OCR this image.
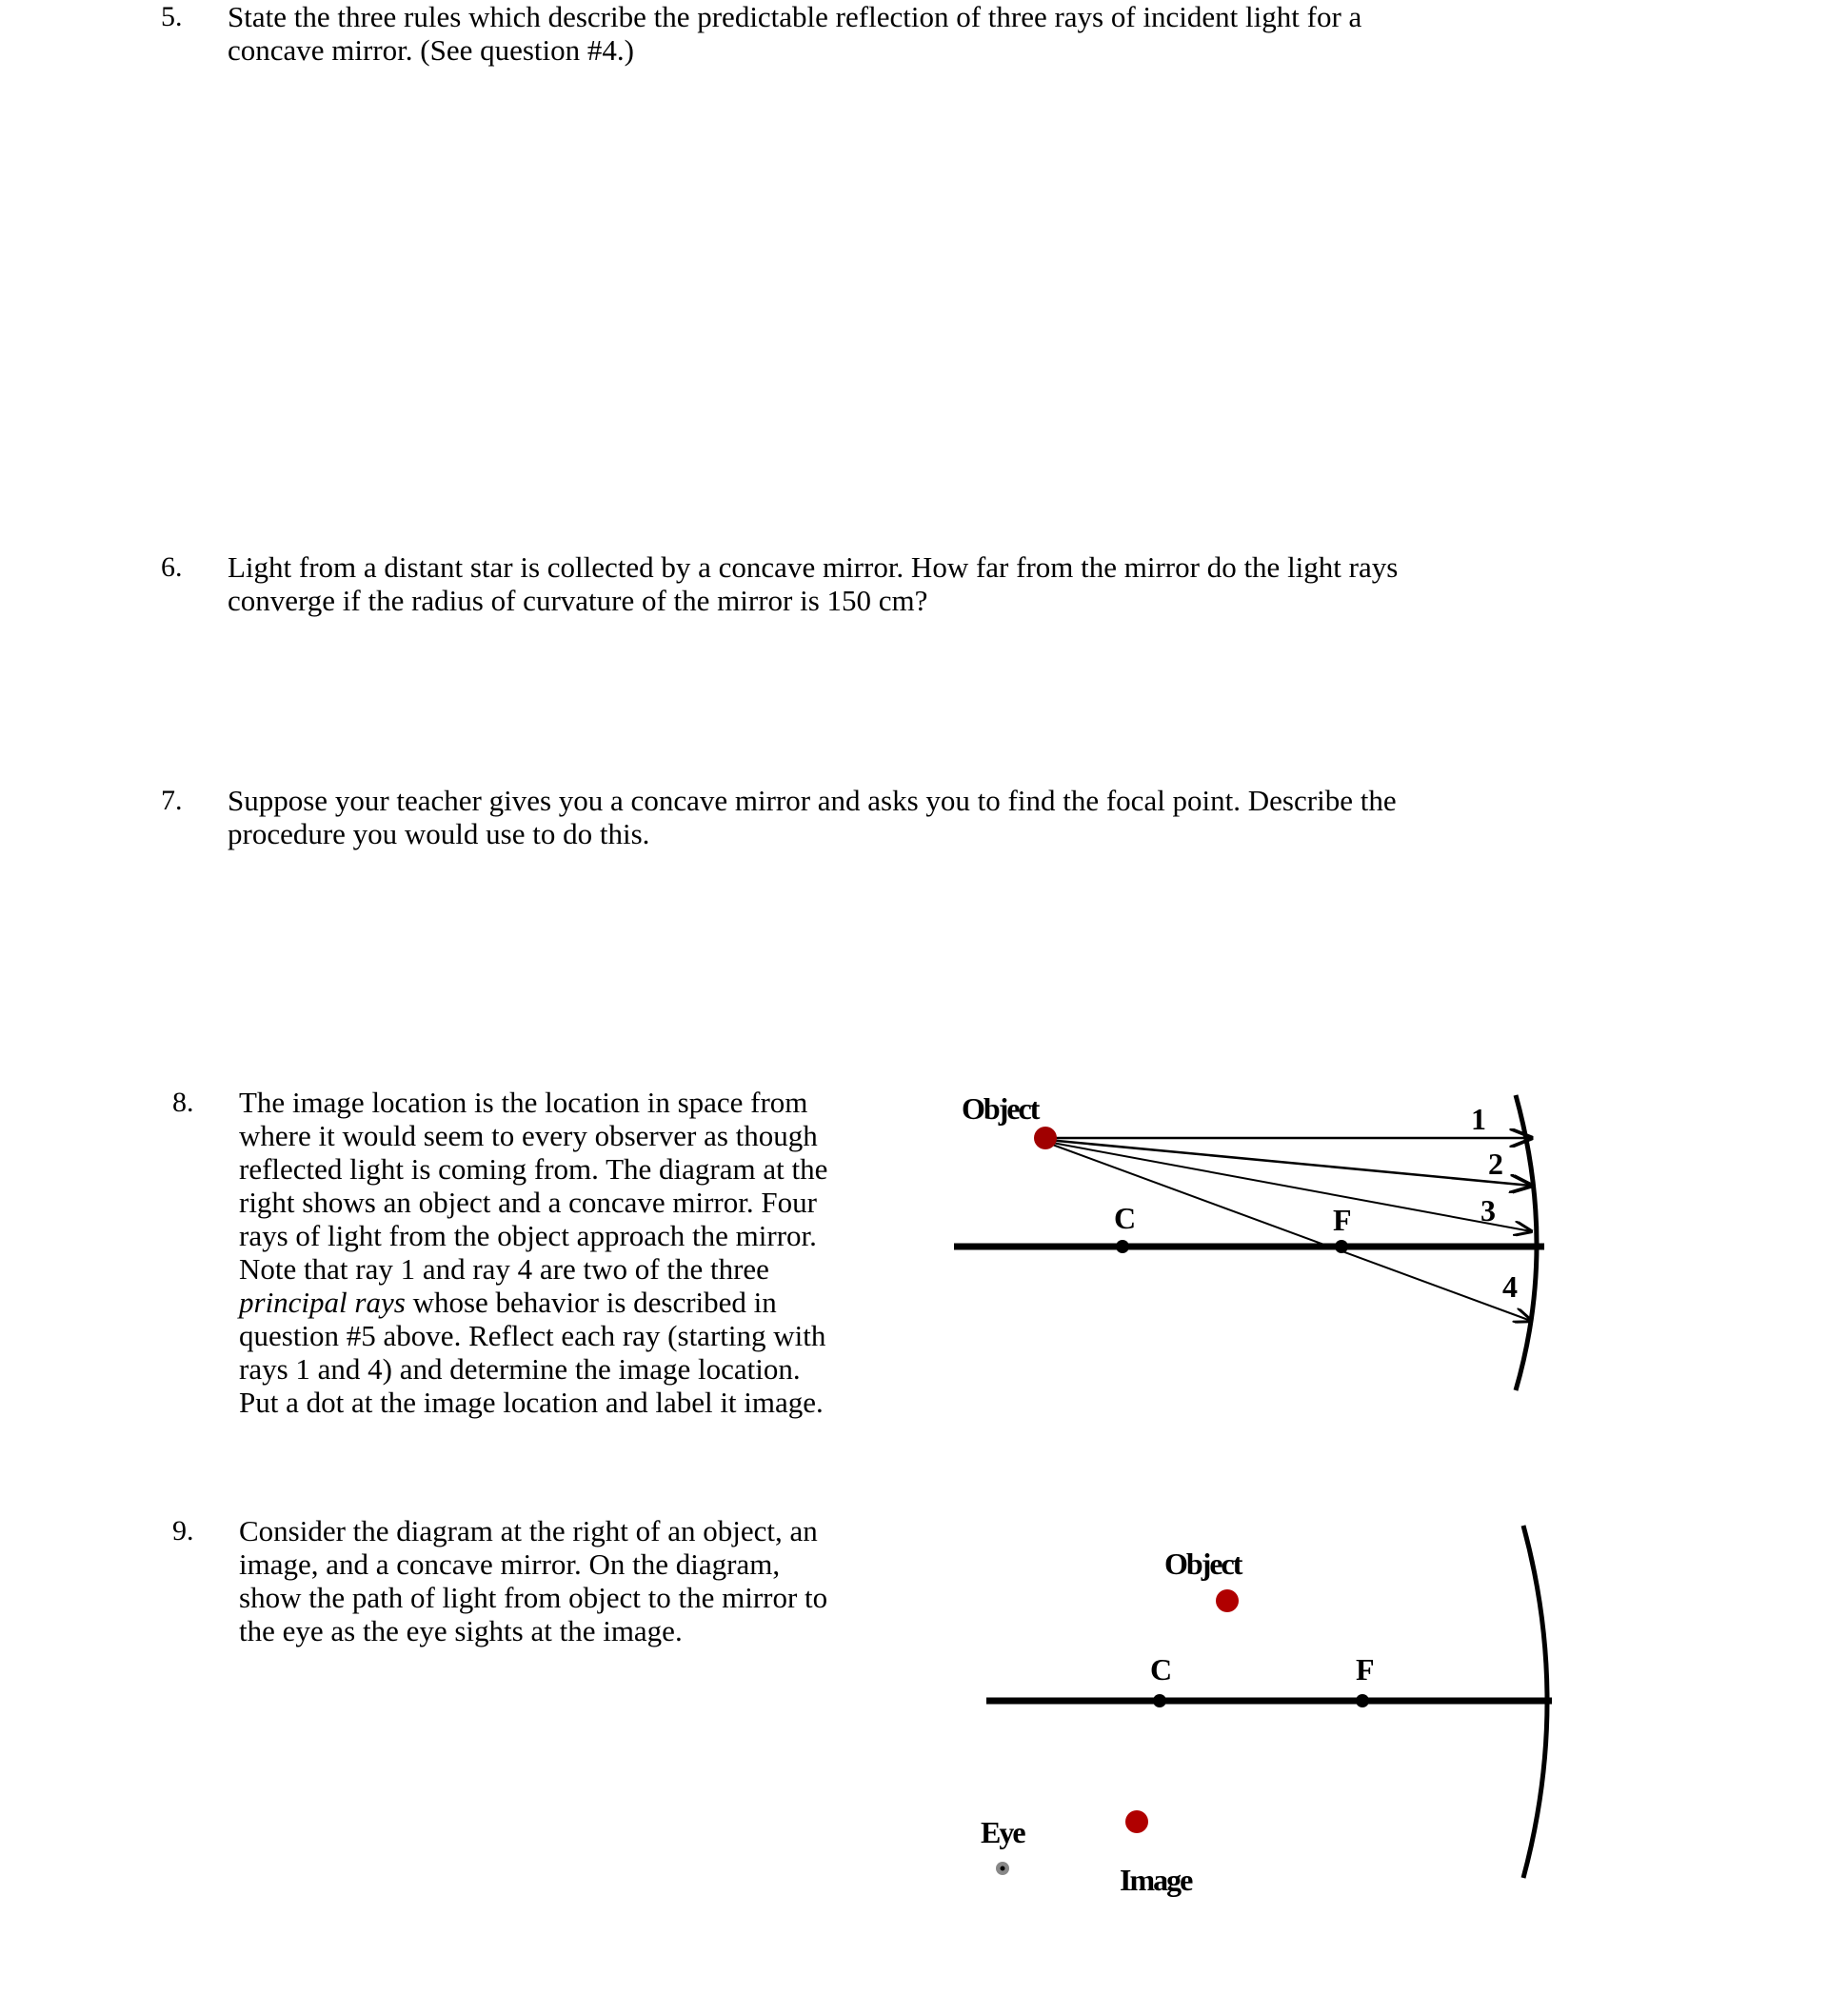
5. State the three rules which describe the predictable reflection of three rays of incident light for a

concave mirror. (See question #4.)

6. Light from a distant star is collected by a concave mirror. How far from the mirror do the light rays

converge if the radius of curvature of the mirror is 150 cm?

7. Suppose your teacher gives you a concave mirror and asks you to find the focal point. Describe the

procedure you would use to do this.

8. The image location is the location in space from

where it would seem to every observer as though

reflected light is coming from. The diagram at the

right shows an object and a concave mirror. Four

rays of light from the object approach the mirror.

Note that ray 1 and ray 4 are two of the three

principal rays whose behavior is described in

question #5 above. Reflect each ray (starting with

rays 1 and 4) and determine the image location.

Put a dot at the image location and label it image.

9. Consider the diagram at the right of an object, an

image, and a concave mirror. On the diagram,

show the path of light from object to the mirror to

the eye as the eye sights at the image.

Object
C	F
1
2
3
4
Object
C	F
Eye
Image
